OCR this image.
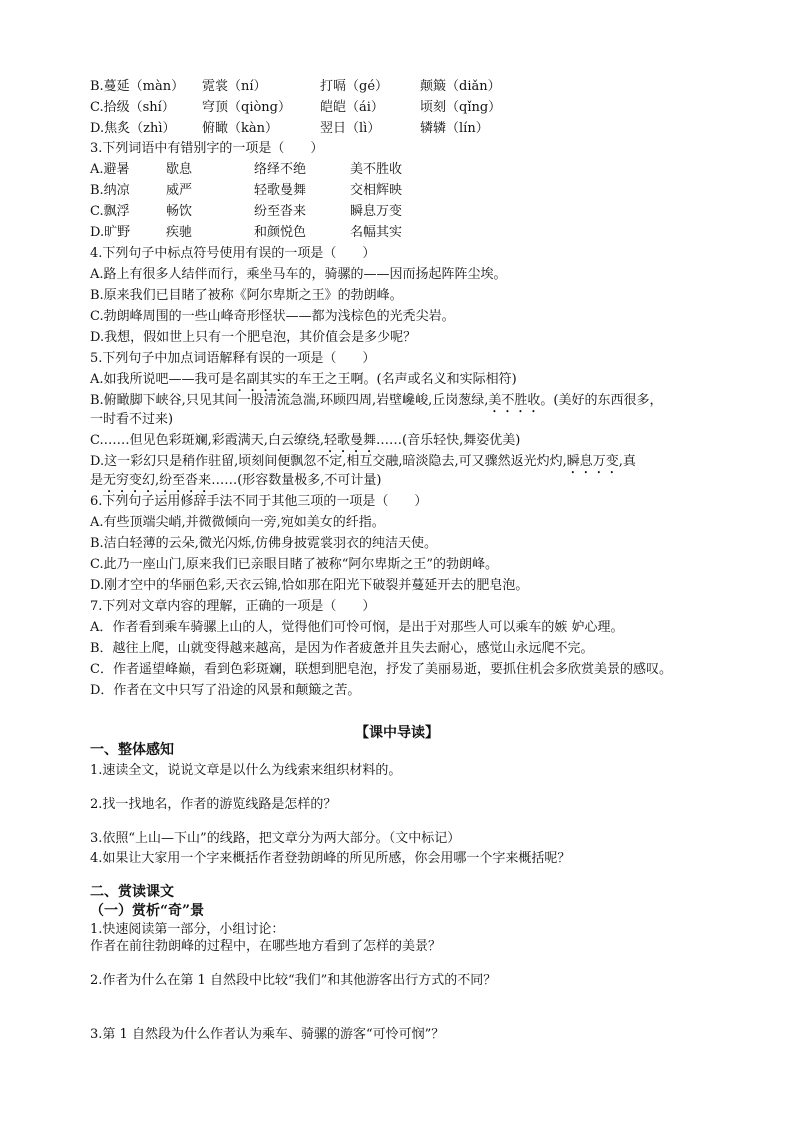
B.蔓延（màn） 霓裳（ní）	打嗝（gé） 颠簸（diǎn）
C.拾级（shí） 穹顶（qiòng） 皑皑（ái）	顷刻（qǐng）
D.焦炙（zhì） 俯瞰（kàn）	翌日（lì）	辚辚（lín）
3.下列词语中有错别字的一项是（　　）
A.避暑	歇息	络绎不绝	美不胜收
B.纳凉	威严	轻歌曼舞	交相辉映
C.飘浮	畅饮	纷至沓来	瞬息万变
D.旷野	疾驰	和颜悦色	名幅其实
4.下列句子中标点符号使用有误的一项是（　　）
A.路上有很多人结伴而行，乘坐马车的，骑骡的——因而扬起阵阵尘埃。
B.原来我们已目睹了被称《阿尔卑斯之王》的勃朗峰。
C.勃朗峰周围的一些山峰奇形怪状——都为浅棕色的光秃尖岩。
D.我想，假如世上只有一个肥皂泡，其价值会是多少呢？
5.下列句子中加点词语解释有误的一项是（　　）
A.如我所说吧——我可是名副其实的车王之王啊。(名声或名义和实际相符)
B.俯瞰脚下峡谷,只见其间一股清流急湍,环顾四周,岩壁巉峻,丘岗葱绿,美不胜收。(美好的东西很多，
一时看不过来)
C.……但见色彩斑斓,彩霞满天,白云缭绕,轻歌曼舞……(音乐轻快,舞姿优美)
D.这一彩幻只是稍作驻留,顷刻间便飘忽不定,相互交融,暗淡隐去,可又骤然返光灼灼,瞬息万变,真
是无穷变幻,纷至沓来……(形容数量极多,不可计量)
6.下列句子运用修辞手法不同于其他三项的一项是（　　）
A.有些顶端尖峭,并微微倾向一旁,宛如美女的纤指。
B.洁白轻薄的云朵,微光闪烁,仿佛身披霓裳羽衣的纯洁天使。
C.此乃一座山门,原来我们已亲眼目睹了被称“阿尔卑斯之王”的勃朗峰。
D.刚才空中的华丽色彩,天衣云锦,恰如那在阳光下破裂并蔓延开去的肥皂泡。
7.下列对文章内容的理解，正确的一项是（　　）
A．作者看到乘车骑骡上山的人，觉得他们可怜可悯，是出于对那些人可以乘车的嫉 妒心理。
B．越往上爬，山就变得越来越高，是因为作者疲惫并且失去耐心，感觉山永远爬不完。
C．作者遥望峰巅，看到色彩斑斓，联想到肥皂泡，抒发了美丽易逝，要抓住机会多欣赏美景的感叹。
D．作者在文中只写了沿途的风景和颠簸之苦。
【课中导读】
一、整体感知
1.速读全文，说说文章是以什么为线索来组织材料的。
2.找一找地名，作者的游览线路是怎样的？
3.依照“上山—下山”的线路，把文章分为两大部分。（文中标记）
4.如果让大家用一个字来概括作者登勃朗峰的所见所感，你会用哪一个字来概括呢？
二、赏读课文
（一）赏析“奇”景
1.快速阅读第一部分，小组讨论：
作者在前往勃朗峰的过程中，在哪些地方看到了怎样的美景？
2.作者为什么在第 1 自然段中比较“我们”和其他游客出行方式的不同？
3.第 1 自然段为什么作者认为乘车、骑骡的游客“可怜可悯”？
